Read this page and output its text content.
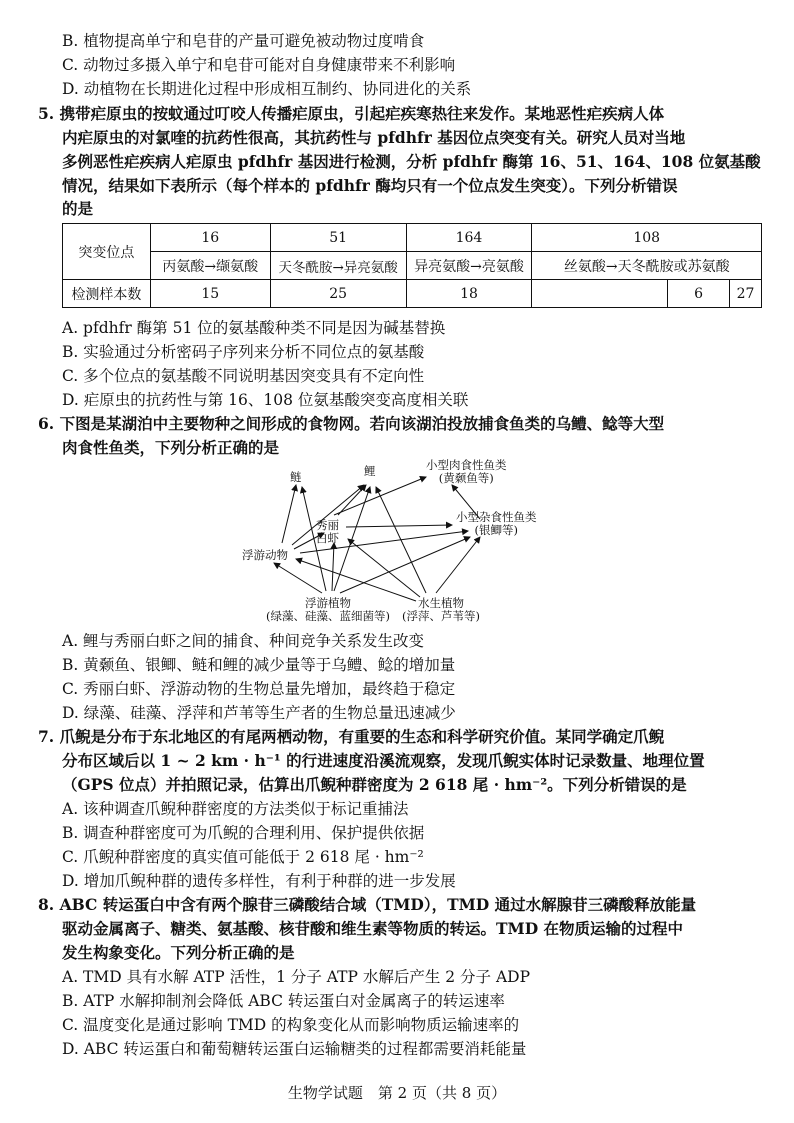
B. 植物提高单宁和皂苷的产量可避免被动物过度啃食
C. 动物过多摄入单宁和皂苷可能对自身健康带来不利影响
D. 动植物在长期进化过程中形成相互制约、协同进化的关系
5. 携带疟原虫的按蚊通过叮咬人传播疟原虫，引起疟疾寒热往来发作。某地恶性疟疾病人体
内疟原虫的对氯喹的抗药性很高，其抗药性与 pfdhfr 基因位点突变有关。研究人员对当地
多例恶性疟疾病人疟原虫 pfdhfr 基因进行检测，分析 pfdhfr 酶第 16、51、164、108 位氨基酸
情况，结果如下表所示（每个样本的 pfdhfr 酶均只有一个位点发生突变）。下列分析错误
的是
突变位点	16	51	164	108		
	丙氨酸→缬氨酸	天冬酰胺→异亮氨酸	异亮氨酸→亮氨酸	丝氨酸→天冬酰胺或苏氨酸		
检测样本数	15	25	18		6	27
A. pfdhfr 酶第 51 位的氨基酸种类不同是因为碱基替换
B. 实验通过分析密码子序列来分析不同位点的氨基酸
C. 多个位点的氨基酸不同说明基因突变具有不定向性
D. 疟原虫的抗药性与第 16、108 位氨基酸突变高度相关联
6. 下图是某湖泊中主要物种之间形成的食物网。若向该湖泊投放捕食鱼类的乌鳢、鲶等大型
肉食性鱼类，下列分析正确的是
鲢	鲤	小型肉食性鱼类
(黄颡鱼等)
小型杂食性鱼类
(银鲫等)
秀丽
白虾
浮游动物
浮游植物
(绿藻、硅藻、蓝细菌等)
水生植物
(浮萍、芦苇等)
A. 鲤与秀丽白虾之间的捕食、种间竞争关系发生改变
B. 黄颡鱼、银鲫、鲢和鲤的减少量等于乌鳢、鲶的增加量
C. 秀丽白虾、浮游动物的生物总量先增加，最终趋于稳定
D. 绿藻、硅藻、浮萍和芦苇等生产者的生物总量迅速减少
7. 爪鲵是分布于东北地区的有尾两栖动物，有重要的生态和科学研究价值。某同学确定爪鲵
分布区域后以 1 ~ 2 km · h⁻¹ 的行进速度沿溪流观察，发现爪鲵实体时记录数量、地理位置
（GPS 位点）并拍照记录，估算出爪鲵种群密度为 2 618 尾 · hm⁻²。下列分析错误的是
A. 该种调查爪鲵种群密度的方法类似于标记重捕法
B. 调查种群密度可为爪鲵的合理利用、保护提供依据
C. 爪鲵种群密度的真实值可能低于 2 618 尾 · hm⁻²
D. 增加爪鲵种群的遗传多样性，有利于种群的进一步发展
8. ABC 转运蛋白中含有两个腺苷三磷酸结合域（TMD），TMD 通过水解腺苷三磷酸释放能量
驱动金属离子、糖类、氨基酸、核苷酸和维生素等物质的转运。TMD 在物质运输的过程中
发生构象变化。下列分析正确的是
A. TMD 具有水解 ATP 活性，1 分子 ATP 水解后产生 2 分子 ADP
B. ATP 水解抑制剂会降低 ABC 转运蛋白对金属离子的转运速率
C. 温度变化是通过影响 TMD 的构象变化从而影响物质运输速率的
D. ABC 转运蛋白和葡萄糖转运蛋白运输糖类的过程都需要消耗能量
生物学试题　第 2 页（共 8 页）
